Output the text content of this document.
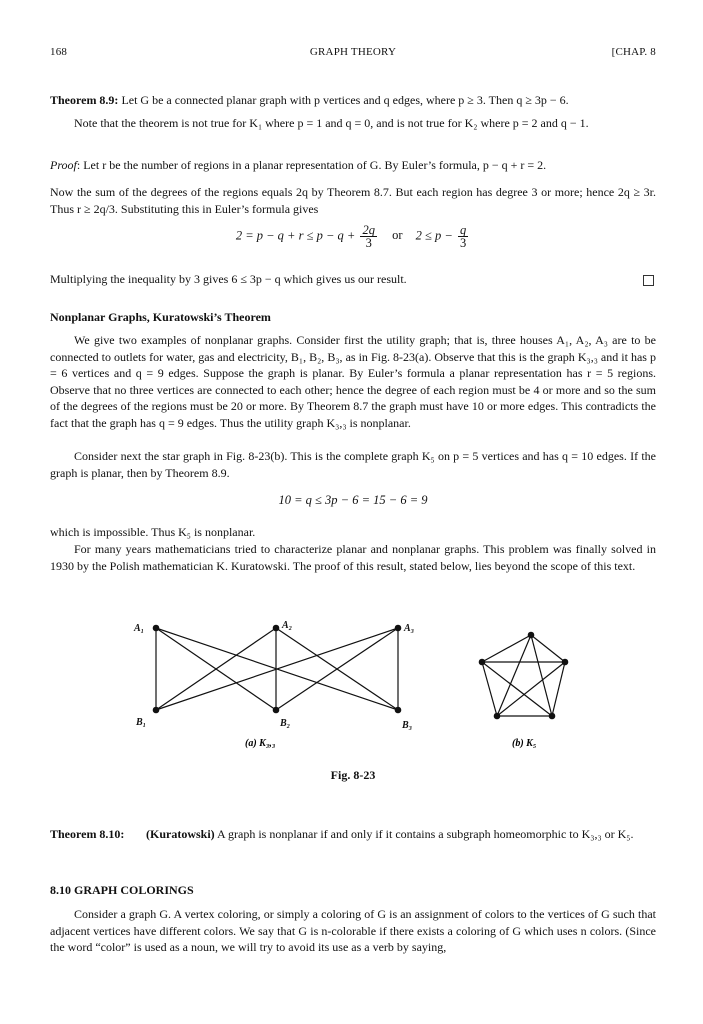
168	GRAPH THEORY	[CHAP. 8
Theorem 8.9: Let G be a connected planar graph with p vertices and q edges, where p ≥ 3. Then q ≥ 3p − 6.
Note that the theorem is not true for K₁ where p = 1 and q = 0, and is not true for K₂ where p = 2 and q − 1.
Proof: Let r be the number of regions in a planar representation of G. By Euler’s formula, p − q + r = 2.
Now the sum of the degrees of the regions equals 2q by Theorem 8.7. But each region has degree 3 or more; hence 2q ≥ 3r. Thus r ≥ 2q/3. Substituting this in Euler’s formula gives
$2 = p - q + r \le p - q + \frac{2q}{3}$ or $2 \le p - \frac{q}{3}$
Multiplying the inequality by 3 gives 6 ≤ 3p − q which gives us our result.
Nonplanar Graphs, Kuratowski’s Theorem
We give two examples of nonplanar graphs. Consider first the utility graph; that is, three houses A₁, A₂, A₃ are to be connected to outlets for water, gas and electricity, B₁, B₂, B₃, as in Fig. 8-23(a). Observe that this is the graph K₃,₃ and it has p = 6 vertices and q = 9 edges. Suppose the graph is planar. By Euler’s formula a planar representation has r = 5 regions. Observe that no three vertices are connected to each other; hence the degree of each region must be 4 or more and so the sum of the degrees of the regions must be 20 or more. By Theorem 8.7 the graph must have 10 or more edges. This contradicts the fact that the graph has q = 9 edges. Thus the utility graph K₃,₃ is nonplanar.
Consider next the star graph in Fig. 8-23(b). This is the complete graph K₅ on p = 5 vertices and has q = 10 edges. If the graph is planar, then by Theorem 8.9.
10 = q ≤ 3p − 6 = 15 − 6 = 9
which is impossible. Thus K₅ is nonplanar.
For many years mathematicians tried to characterize planar and nonplanar graphs. This problem was finally solved in 1930 by the Polish mathematician K. Kuratowski. The proof of this result, stated below, lies beyond the scope of this text.
A₁	A₂	A₃
B₁	B₂	B₃
(a) K₃,₃	(b) K₅
Fig. 8-23
Theorem 8.10: (Kuratowski) A graph is nonplanar if and only if it contains a subgraph homeomorphic to K₃,₃ or K₅.
8.10 GRAPH COLORINGS
Consider a graph G. A vertex coloring, or simply a coloring of G is an assignment of colors to the vertices of G such that adjacent vertices have different colors. We say that G is n-colorable if there exists a coloring of G which uses n colors. (Since the word “color” is used as a noun, we will try to avoid its use as a verb by saying,
